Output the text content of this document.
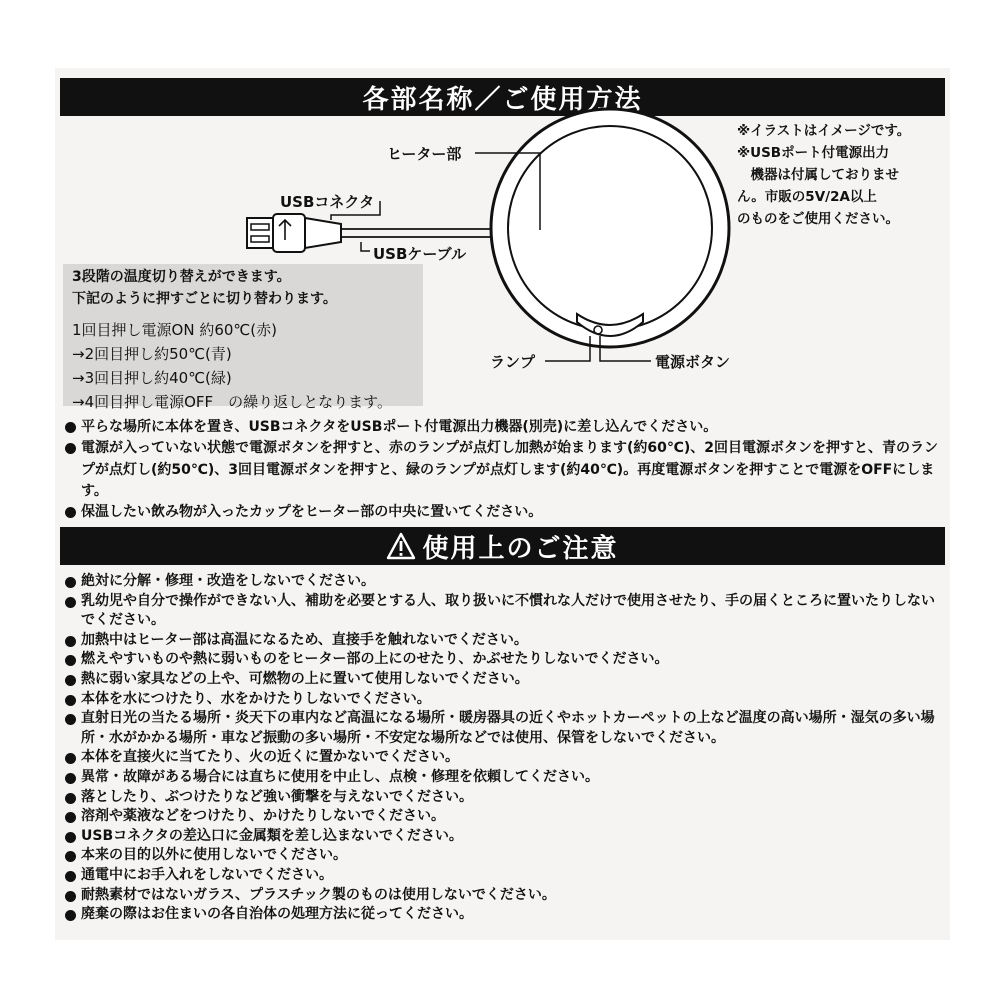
各部名称／ご使用方法
ヒーター部
USBコネクタ
USBケーブル
ランプ	電源ボタン
※イラストはイメージです。
※USBポート付電源出力
　機器は付属しておりませ
ん。市販の5V/2A以上
のものをご使用ください。
3段階の温度切り替えができます。
下記のように押すごとに切り替わります。
1回目押し電源ON 約60℃(赤)
→2回目押し約50℃(青)
→3回目押し約40℃(緑)
→4回目押し電源OFF　の繰り返しとなります。
平らな場所に本体を置き、USBコネクタをUSBポート付電源出力機器(別売)に差し込んでください。
電源が入っていない状態で電源ボタンを押すと、赤のランプが点灯し加熱が始まります(約60℃)、2回目電源ボタンを押すと、青のランプが点灯し(約50℃)、3回目電源ボタンを押すと、緑のランプが点灯します(約40℃)。再度電源ボタンを押すことで電源をOFFにします。
保温したい飲み物が入ったカップをヒーター部の中央に置いてください。
使用上のご注意
絶対に分解・修理・改造をしないでください。
乳幼児や自分で操作ができない人、補助を必要とする人、取り扱いに不慣れな人だけで使用させたり、手の届くところに置いたりしないでください。
加熱中はヒーター部は高温になるため、直接手を触れないでください。
燃えやすいものや熱に弱いものをヒーター部の上にのせたり、かぶせたりしないでください。
熱に弱い家具などの上や、可燃物の上に置いて使用しないでください。
本体を水につけたり、水をかけたりしないでください。
直射日光の当たる場所・炎天下の車内など高温になる場所・暖房器具の近くやホットカーペットの上など温度の高い場所・湿気の多い場所・水がかかる場所・車など振動の多い場所・不安定な場所などでは使用、保管をしないでください。
本体を直接火に当てたり、火の近くに置かないでください。
異常・故障がある場合には直ちに使用を中止し、点検・修理を依頼してください。
落としたり、ぶつけたりなど強い衝撃を与えないでください。
溶剤や薬液などをつけたり、かけたりしないでください。
USBコネクタの差込口に金属類を差し込まないでください。
本来の目的以外に使用しないでください。
通電中にお手入れをしないでください。
耐熱素材ではないガラス、プラスチック製のものは使用しないでください。
廃棄の際はお住まいの各自治体の処理方法に従ってください。
